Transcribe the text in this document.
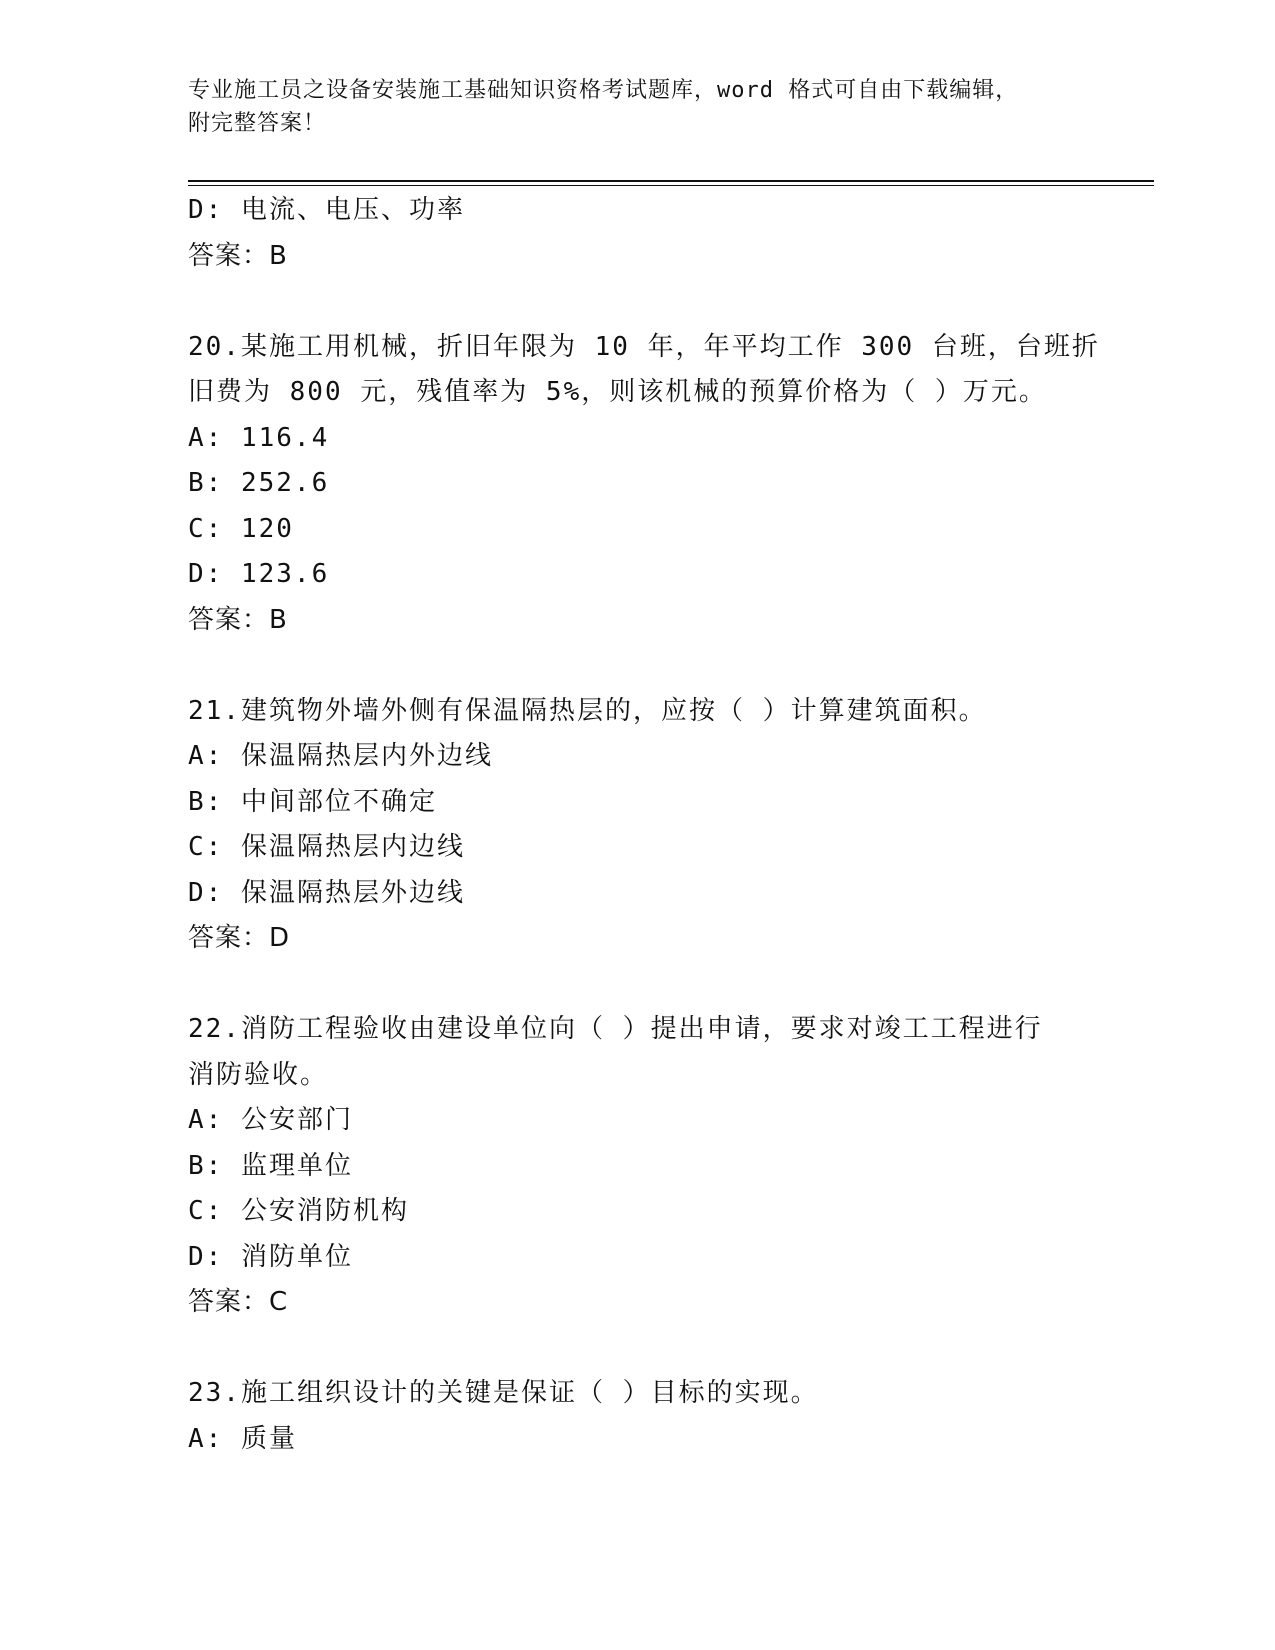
专业施工员之设备安装施工基础知识资格考试题库，word 格式可自由下载编辑，
附完整答案！
D: 电流、电压、功率
答案：B
20.某施工用机械，折旧年限为 10 年，年平均工作 300 台班，台班折
旧费为 800 元，残值率为 5%，则该机械的预算价格为（ ）万元。
A: 116.4
B: 252.6
C: 120
D: 123.6
答案：B
21.建筑物外墙外侧有保温隔热层的，应按（ ）计算建筑面积。
A: 保温隔热层内外边线
B: 中间部位不确定
C: 保温隔热层内边线
D: 保温隔热层外边线
答案：D
22.消防工程验收由建设单位向（ ）提出申请，要求对竣工工程进行
消防验收。
A: 公安部门
B: 监理单位
C: 公安消防机构
D: 消防单位
答案：C
23.施工组织设计的关键是保证（ ）目标的实现。
A: 质量
